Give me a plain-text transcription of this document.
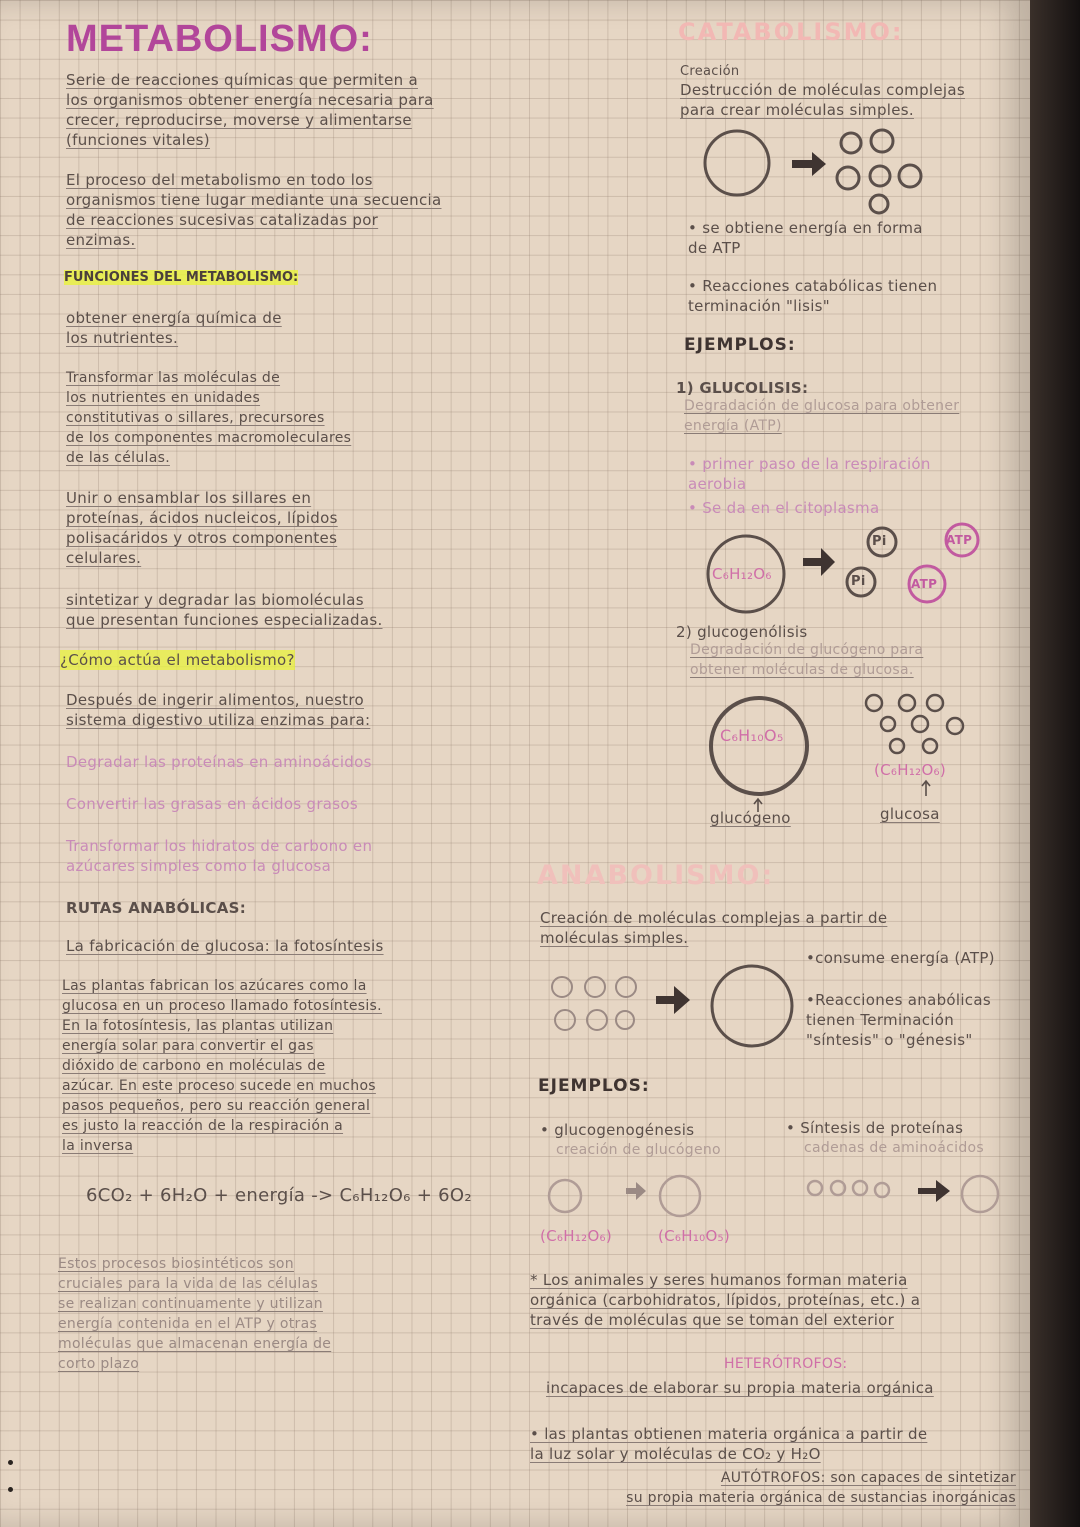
METABOLISMO:

Serie de reacciones químicas que permiten a
los organismos obtener energía necesaria para
crecer, reproducirse, moverse y alimentarse
(funciones vitales)

El proceso del metabolismo en todo los
organismos tiene lugar mediante una secuencia
de reacciones sucesivas catalizadas por
enzimas.

FUNCIONES DEL METABOLISMO:

obtener energía química de
los nutrientes.

Transformar las moléculas de
los nutrientes en unidades
constitutivas o sillares, precursores
de los componentes macromoleculares
de las células.

Unir o ensamblar los sillares en
proteínas, ácidos nucleicos, lípidos
polisacáridos y otros componentes
celulares.

sintetizar y degradar las biomoléculas
que presentan funciones especializadas.

¿Cómo actúa el metabolismo?

Después de ingerir alimentos, nuestro
sistema digestivo utiliza enzimas para:

Degradar las proteínas en aminoácidos

Convertir las grasas en ácidos grasos

Transformar los hidratos de carbono en
azúcares simples como la glucosa

RUTAS ANABÓLICAS:

La fabricación de glucosa: la fotosíntesis

Las plantas fabrican los azúcares como la
glucosa en un proceso llamado fotosíntesis.
En la fotosíntesis, las plantas utilizan
energía solar para convertir el gas
dióxido de carbono en moléculas de
azúcar. En este proceso sucede en muchos
pasos pequeños, pero su reacción general
es justo la reacción de la respiración a
la inversa

6CO₂ + 6H₂O + energía -> C₆H₁₂O₆ + 6O₂

Estos procesos biosintéticos son
cruciales para la vida de las células
se realizan continuamente y utilizan
energía contenida en el ATP y otras
moléculas que almacenan energía de
corto plazo

CATABOLISMO:

Creación

Destrucción de moléculas complejas
para crear moléculas simples.

• se obtiene energía en forma
de ATP

• Reacciones catabólicas tienen
terminación "lisis"

EJEMPLOS:

1) GLUCOLISIS:

Degradación de glucosa para obtener
energía (ATP)

• primer paso de la respiración
aerobia

• Se da en el citoplasma

2) glucogenólisis

Degradación de glucógeno para
obtener moléculas de glucosa.

ANABOLISMO:

Creación de moléculas complejas a partir de
moléculas simples.

•consume energía (ATP)

•Reacciones anabólicas
tienen Terminación
"síntesis" o "génesis"

EJEMPLOS:

• glucogenogénesis

creación de glucógeno

• Síntesis de proteínas

cadenas de aminoácidos

(C₆H₁₂O₆)	(C₆H₁₀O₅)

* Los animales y seres humanos forman materia
orgánica (carbohidratos, lípidos, proteínas, etc.) a
través de moléculas que se toman del exterior

HETERÓTROFOS:

incapaces de elaborar su propia materia orgánica

• las plantas obtienen materia orgánica a partir de
la luz solar y moléculas de CO₂ y H₂O

AUTÓTROFOS: son capaces de sintetizar
su propia materia orgánica de sustancias inorgánicas

C₆H₁₂O₆

Pi	ATP

Pi	ATP

C₆H₁₀O₅

(C₆H₁₂O₆)

glucógeno	glucosa
